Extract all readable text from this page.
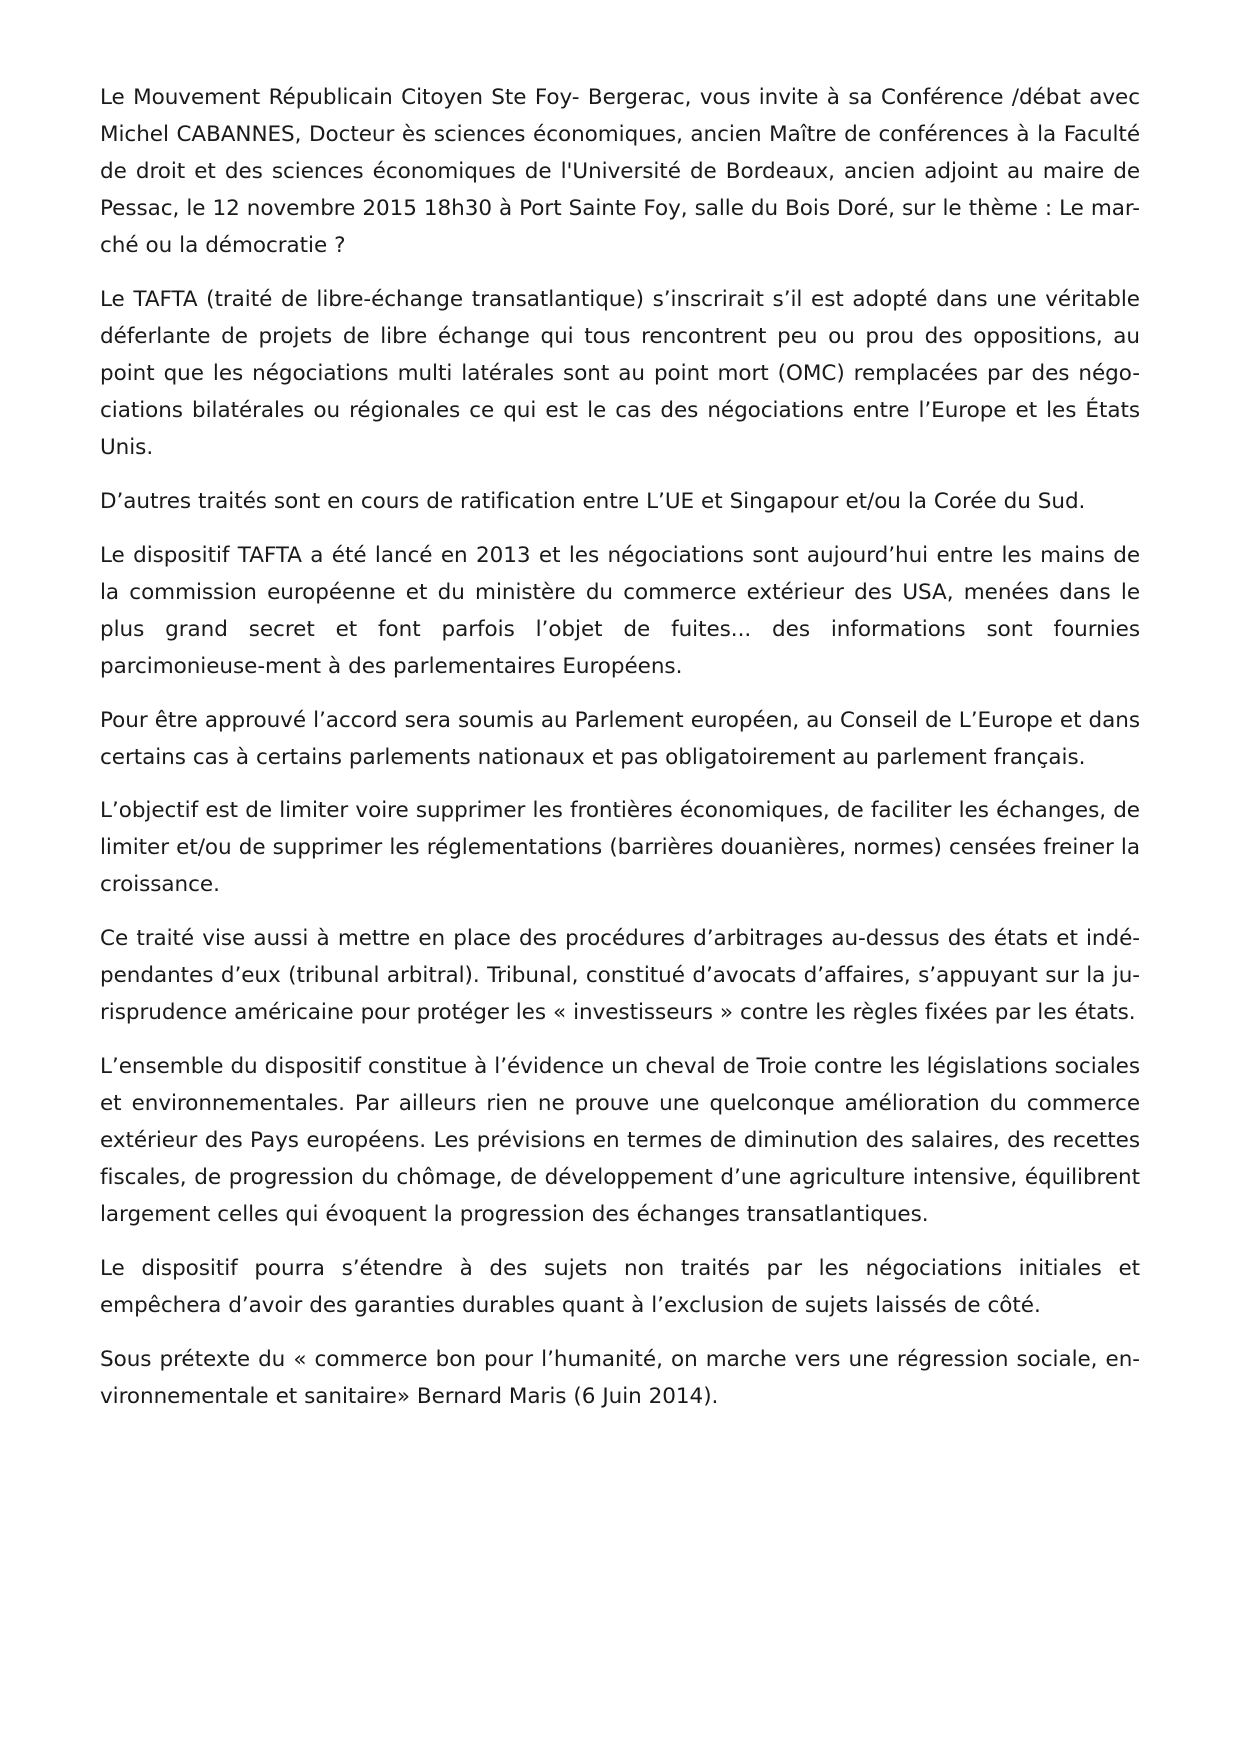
Le Mouvement Républicain Citoyen Ste Foy- Bergerac, vous invite à sa Conférence /débat avec Michel CABANNES, Docteur ès sciences économiques, ancien Maître de conférences à la Faculté de droit et des sciences économiques de l'Université de Bordeaux, ancien adjoint au maire de Pessac, le 12 novembre 2015 18h30 à Port Sainte Foy, salle du Bois Doré, sur le thème : Le mar-ché ou la démocratie ?

Le TAFTA (traité de libre-échange transatlantique) s’inscrirait s’il est adopté dans une véritable déferlante de projets de libre échange qui tous rencontrent peu ou prou des oppositions, au point que les négociations multi latérales sont au point mort (OMC) remplacées par des négo-ciations bilatérales ou régionales ce qui est le cas des négociations entre l’Europe et les États Unis.

D’autres traités sont en cours de ratification entre L’UE et Singapour et/ou la Corée du Sud.

Le dispositif TAFTA a été lancé en 2013 et les négociations sont aujourd’hui entre les mains de la commission européenne et du ministère du commerce extérieur des USA, menées dans le plus grand secret et font parfois l’objet de fuites... des informations sont fournies parcimonieuse-ment à des parlementaires Européens.

Pour être approuvé l’accord sera soumis au Parlement européen, au Conseil de L’Europe et dans certains cas à certains parlements nationaux et pas obligatoirement au parlement français.

L’objectif est de limiter voire supprimer les frontières économiques, de faciliter les échanges, de limiter et/ou de supprimer les réglementations (barrières douanières, normes) censées freiner la croissance.

Ce traité vise aussi à mettre en place des procédures d’arbitrages au-dessus des états et indé-pendantes d’eux (tribunal arbitral). Tribunal, constitué d’avocats d’affaires, s’appuyant sur la ju-risprudence américaine pour protéger les « investisseurs » contre les règles fixées par les états.

L’ensemble du dispositif constitue à l’évidence un cheval de Troie contre les législations sociales et environnementales. Par ailleurs rien ne prouve une quelconque amélioration du commerce extérieur des Pays européens. Les prévisions en termes de diminution des salaires, des recettes fiscales, de progression du chômage, de développement d’une agriculture intensive, équilibrent largement celles qui évoquent la progression des échanges transatlantiques.

Le dispositif pourra s’étendre à des sujets non traités par les négociations initiales et empêchera d’avoir des garanties durables quant à l’exclusion de sujets laissés de côté.

Sous prétexte du « commerce bon pour l’humanité, on marche vers une régression sociale, en-vironnementale et sanitaire» Bernard Maris (6 Juin 2014).
